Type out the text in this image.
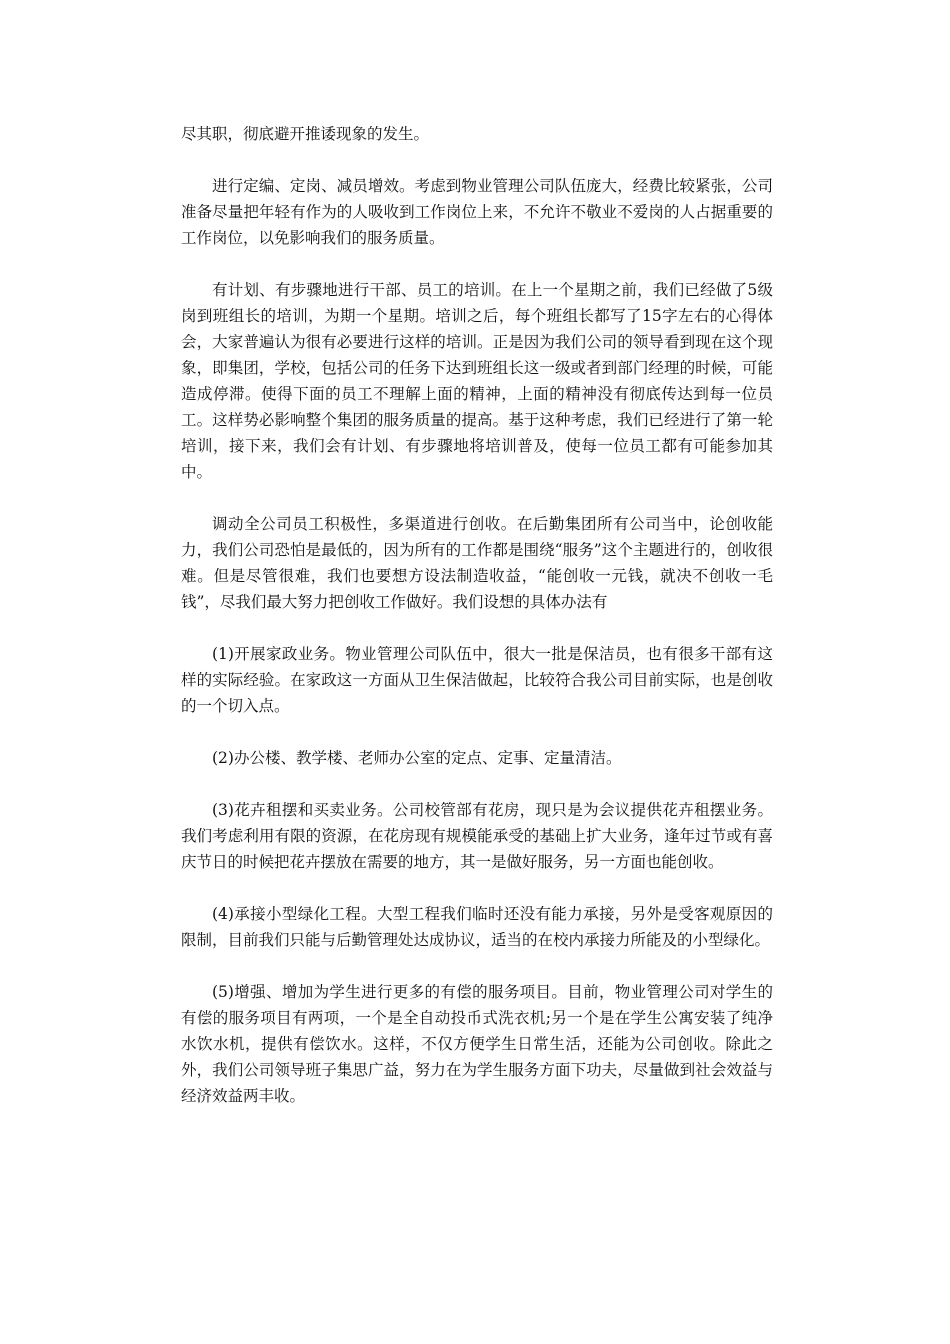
尽其职，彻底避开推诿现象的发生。

进行定编、定岗、减员增效。考虑到物业管理公司队伍庞大，经费比较紧张，公司准备尽量把年轻有作为的人吸收到工作岗位上来，不允许不敬业不爱岗的人占据重要的工作岗位，以免影响我们的服务质量。

有计划、有步骤地进行干部、员工的培训。在上一个星期之前，我们已经做了5级岗到班组长的培训，为期一个星期。培训之后，每个班组长都写了15字左右的心得体会，大家普遍认为很有必要进行这样的培训。正是因为我们公司的领导看到现在这个现象，即集团，学校，包括公司的任务下达到班组长这一级或者到部门经理的时候，可能造成停滞。使得下面的员工不理解上面的精神，上面的精神没有彻底传达到每一位员工。这样势必影响整个集团的服务质量的提高。基于这种考虑，我们已经进行了第一轮培训，接下来，我们会有计划、有步骤地将培训普及，使每一位员工都有可能参加其中。

调动全公司员工积极性，多渠道进行创收。在后勤集团所有公司当中，论创收能力，我们公司恐怕是最低的，因为所有的工作都是围绕“服务”这个主题进行的，创收很难。但是尽管很难，我们也要想方设法制造收益，“能创收一元钱，就决不创收一毛钱”，尽我们最大努力把创收工作做好。我们设想的具体办法有

(1)开展家政业务。物业管理公司队伍中，很大一批是保洁员，也有很多干部有这样的实际经验。在家政这一方面从卫生保洁做起，比较符合我公司目前实际，也是创收的一个切入点。

(2)办公楼、教学楼、老师办公室的定点、定事、定量清洁。

(3)花卉租摆和买卖业务。公司校管部有花房，现只是为会议提供花卉租摆业务。我们考虑利用有限的资源，在花房现有规模能承受的基础上扩大业务，逢年过节或有喜庆节日的时候把花卉摆放在需要的地方，其一是做好服务，另一方面也能创收。

(4)承接小型绿化工程。大型工程我们临时还没有能力承接，另外是受客观原因的限制，目前我们只能与后勤管理处达成协议，适当的在校内承接力所能及的小型绿化。

(5)增强、增加为学生进行更多的有偿的服务项目。目前，物业管理公司对学生的有偿的服务项目有两项，一个是全自动投币式洗衣机;另一个是在学生公寓安装了纯净水饮水机，提供有偿饮水。这样，不仅方便学生日常生活，还能为公司创收。除此之外，我们公司领导班子集思广益，努力在为学生服务方面下功夫，尽量做到社会效益与经济效益两丰收。
